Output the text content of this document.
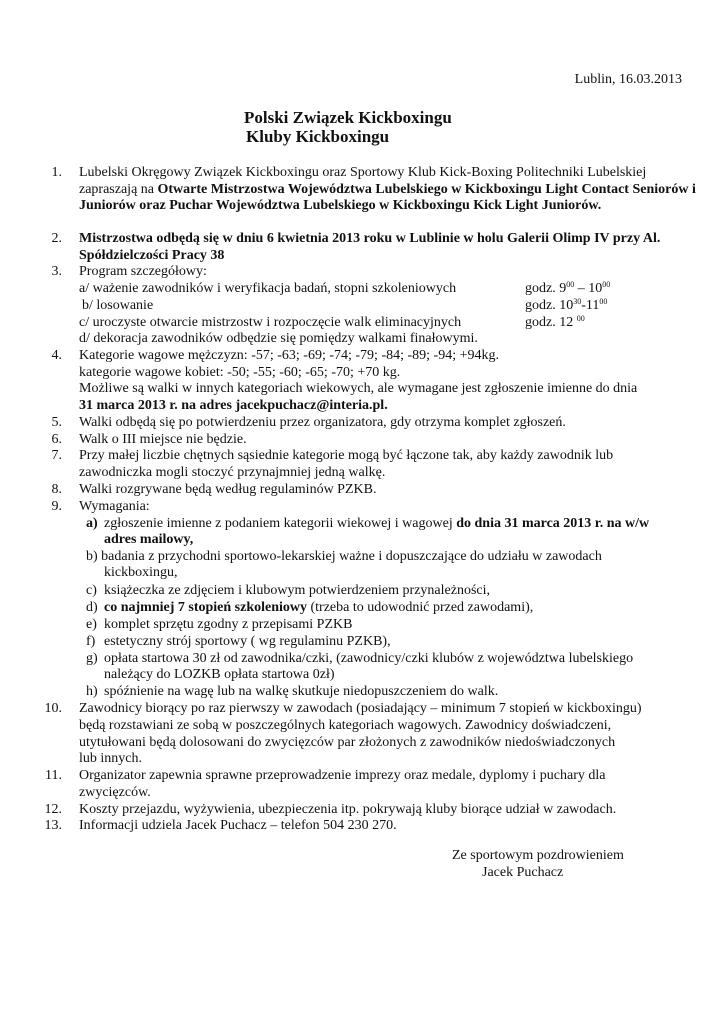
Lublin, 16.03.2013
Polski Związek Kickboxingu
Kluby Kickboxingu
1. Lubelski Okręgowy Związek Kickboxingu oraz Sportowy Klub Kick-Boxing Politechniki Lubelskiej zapraszają na Otwarte Mistrzostwa Województwa Lubelskiego w Kickboxingu Light Contact Seniorów i Juniorów oraz Puchar Województwa Lubelskiego w Kickboxingu Kick Light Juniorów.
2. Mistrzostwa odbędą się w dniu 6 kwietnia 2013 roku w Lublinie w holu Galerii Olimp IV przy Al. Spółdzielczości Pracy 38
3. Program szczegółowy:
a/ ważenie zawodników i weryfikacja badań, stopni szkoleniowych	godz. $9^{00} - 10^{00}$
b/ losowanie	godz. $10^{30}-11^{00}$
c/ uroczyste otwarcie mistrzostw i rozpoczęcie walk eliminacyjnych	godz. 12 $^{00}$
d/ dekoracja zawodników odbędzie się pomiędzy walkami finałowymi.
4. Kategorie wagowe mężczyzn: -57; -63; -69; -74; -79; -84; -89; -94; +94kg.
kategorie wagowe kobiet: -50; -55; -60; -65; -70; +70 kg.
Możliwe są walki w innych kategoriach wiekowych, ale wymagane jest zgłoszenie imienne do dnia
31 marca 2013 r. na adres jacekpuchacz@interia.pl.
5. Walki odbędą się po potwierdzeniu przez organizatora, gdy otrzyma komplet zgłoszeń.
6. Walk o III miejsce nie będzie.
7. Przy małej liczbie chętnych sąsiednie kategorie mogą być łączone tak, aby każdy zawodnik lub
zawodniczka mogli stoczyć przynajmniej jedną walkę.
8. Walki rozgrywane będą według regulaminów PZKB.
9. Wymagania:
a) zgłoszenie imienne z podaniem kategorii wiekowej i wagowej do dnia 31 marca 2013 r. na w/w
adres mailowy,
b) badania z przychodni sportowo-lekarskiej ważne i dopuszczające do udziału w zawodach
kickboxingu,
c) książeczka ze zdjęciem i klubowym potwierdzeniem przynależności,
d) co najmniej 7 stopień szkoleniowy (trzeba to udowodnić przed zawodami),
e) komplet sprzętu zgodny z przepisami PZKB
f) estetyczny strój sportowy ( wg regulaminu PZKB),
g) opłata startowa 30 zł od zawodnika/czki, (zawodnicy/czki klubów z województwa lubelskiego
należący do LOZKB opłata startowa 0zł)
h) spóźnienie na wagę lub na walkę skutkuje niedopuszczeniem do walk.
10. Zawodnicy biorący po raz pierwszy w zawodach (posiadający – minimum 7 stopień w kickboxingu)
będą rozstawiani ze sobą w poszczególnych kategoriach wagowych. Zawodnicy doświadczeni,
utytułowani będą dolosowani do zwycięzców par złożonych z zawodników niedoświadczonych
lub innych.
11. Organizator zapewnia sprawne przeprowadzenie imprezy oraz medale, dyplomy i puchary dla
zwycięzców.
12. Koszty przejazdu, wyżywienia, ubezpieczenia itp. pokrywają kluby biorące udział w zawodach.
13. Informacji udziela Jacek Puchacz – telefon 504 230 270.
Ze sportowym pozdrowieniem
Jacek Puchacz
